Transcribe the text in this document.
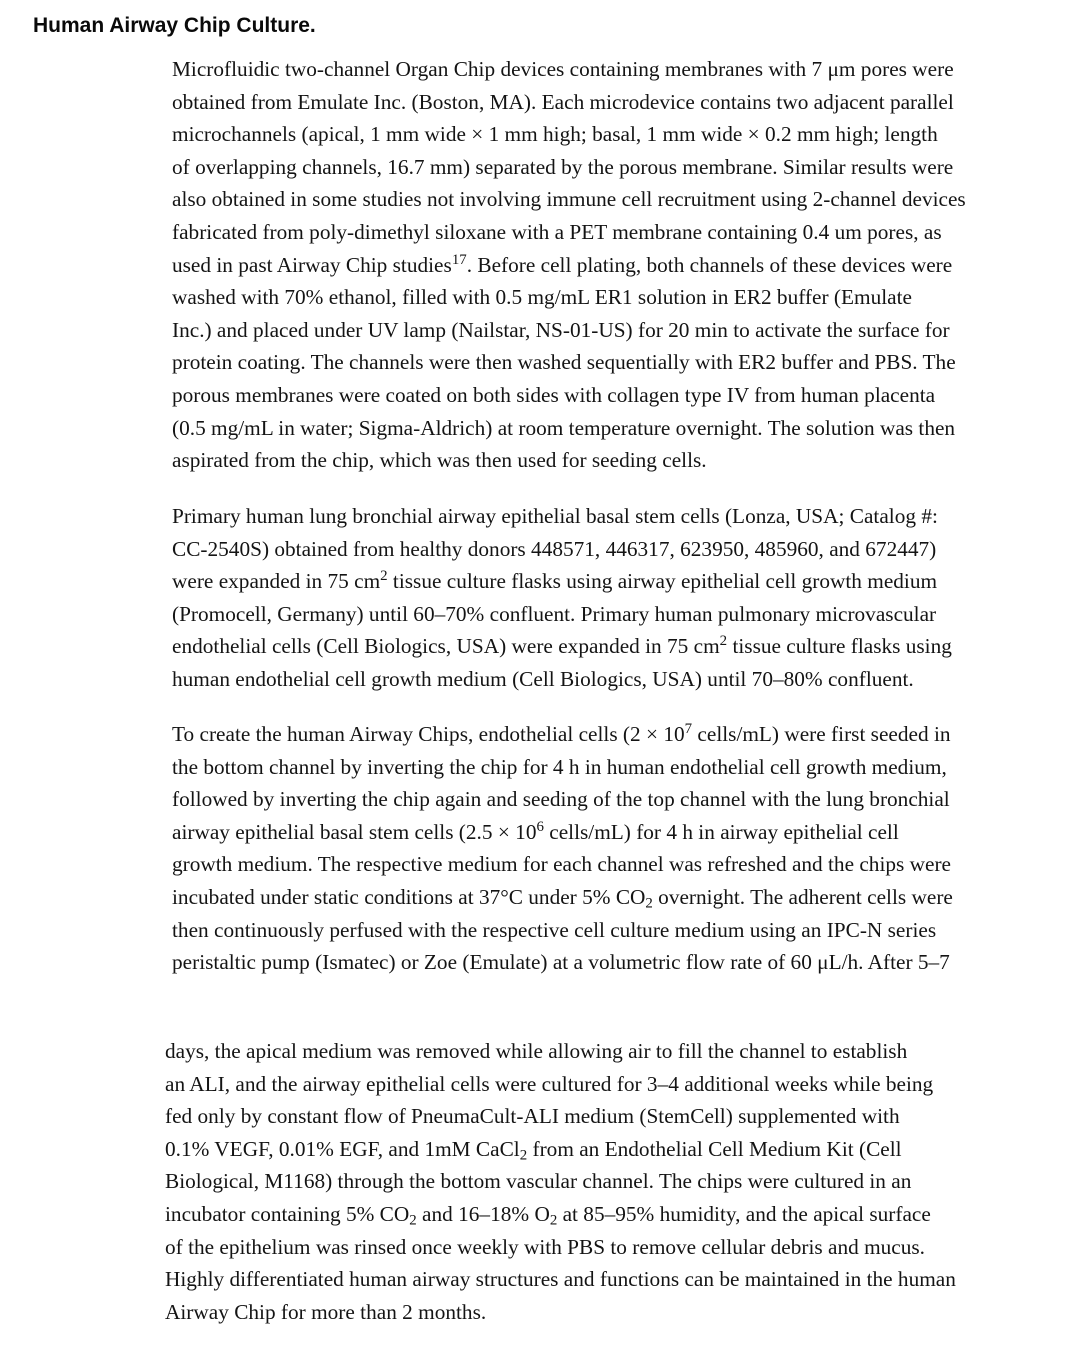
Human Airway Chip Culture.

Microfluidic two-channel Organ Chip devices containing membranes with 7 μm pores were
obtained from Emulate Inc. (Boston, MA). Each microdevice contains two adjacent parallel
microchannels (apical, 1 mm wide × 1 mm high; basal, 1 mm wide × 0.2 mm high; length
of overlapping channels, 16.7 mm) separated by the porous membrane. Similar results were
also obtained in some studies not involving immune cell recruitment using 2-channel devices
fabricated from poly-dimethyl siloxane with a PET membrane containing 0.4 um pores, as
used in past Airway Chip studies$^{17}$. Before cell plating, both channels of these devices were
washed with 70% ethanol, filled with 0.5 mg/mL ER1 solution in ER2 buffer (Emulate
Inc.) and placed under UV lamp (Nailstar, NS-01-US) for 20 min to activate the surface for
protein coating. The channels were then washed sequentially with ER2 buffer and PBS. The
porous membranes were coated on both sides with collagen type IV from human placenta
(0.5 mg/mL in water; Sigma-Aldrich) at room temperature overnight. The solution was then
aspirated from the chip, which was then used for seeding cells.

Primary human lung bronchial airway epithelial basal stem cells (Lonza, USA; Catalog #:
CC-2540S) obtained from healthy donors 448571, 446317, 623950, 485960, and 672447)
were expanded in 75 $cm^2$ tissue culture flasks using airway epithelial cell growth medium
(Promocell, Germany) until 60–70% confluent. Primary human pulmonary microvascular
endothelial cells (Cell Biologics, USA) were expanded in 75 $cm^2$ tissue culture flasks using
human endothelial cell growth medium (Cell Biologics, USA) until 70–80% confluent.

To create the human Airway Chips, endothelial cells ($2 \times 10^7$ cells/mL) were first seeded in
the bottom channel by inverting the chip for 4 h in human endothelial cell growth medium,
followed by inverting the chip again and seeding of the top channel with the lung bronchial
airway epithelial basal stem cells ($2.5 \times 10^6$ cells/mL) for 4 h in airway epithelial cell
growth medium. The respective medium for each channel was refreshed and the chips were
incubated under static conditions at 37°C under 5% $CO_2$ overnight. The adherent cells were
then continuously perfused with the respective cell culture medium using an IPC-N series
peristaltic pump (Ismatec) or Zoe (Emulate) at a volumetric flow rate of 60 μL/h. After 5–7

days, the apical medium was removed while allowing air to fill the channel to establish
an ALI, and the airway epithelial cells were cultured for 3–4 additional weeks while being
fed only by constant flow of PneumaCult-ALI medium (StemCell) supplemented with
0.1% VEGF, 0.01% EGF, and 1mM CaCl$_2$ from an Endothelial Cell Medium Kit (Cell
Biological, M1168) through the bottom vascular channel. The chips were cultured in an
incubator containing 5% $CO_2$ and 16–18% $O_2$ at 85–95% humidity, and the apical surface
of the epithelium was rinsed once weekly with PBS to remove cellular debris and mucus.
Highly differentiated human airway structures and functions can be maintained in the human
Airway Chip for more than 2 months.
